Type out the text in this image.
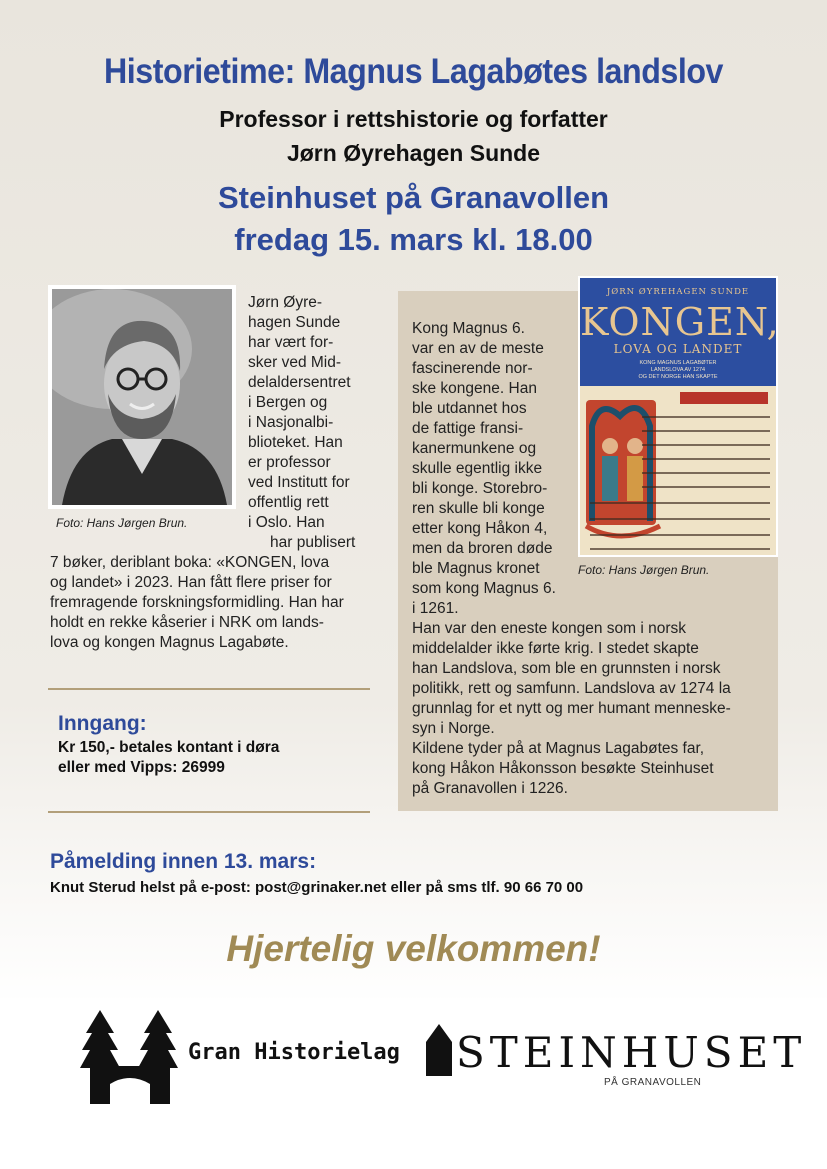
Historietime: Magnus Lagabøtes landslov
Professor i rettshistorie og forfatter
Jørn Øyrehagen Sunde
Steinhuset på Granavollen
fredag 15. mars kl. 18.00
Foto: Hans Jørgen Brun.
Jørn Øyre-
hagen Sunde
har vært for-
sker ved Mid-
delaldersentret
i Bergen og
i Nasjonalbi-
blioteket. Han
er professor
ved Institutt for
offentlig rett
i Oslo. Han
har publisert
7 bøker, deriblant boka: «KONGEN, lova
og landet» i 2023. Han fått flere priser for
fremragende forskningsformidling. Han har
holdt en rekke kåserier i NRK om lands-
lova og kongen Magnus Lagabøte.
Inngang:
Kr 150,- betales kontant i døra
eller med Vipps: 26999
JØRN ØYREHAGEN SUNDE
KONGEN,
LOVA OG LANDET
KONG MAGNUS LAGABØTER
LANDSLOVA AV 1274
OG DET NORGE HAN SKAPTE
Foto: Hans Jørgen Brun.
Kong Magnus 6.
var en av de meste
fascinerende nor-
ske kongene. Han
ble utdannet hos
de fattige fransi-
kanermunkene og
skulle egentlig ikke
bli konge. Storebro-
ren skulle bli konge
etter kong Håkon 4,
men da broren døde
ble Magnus kronet
som kong Magnus 6.
i 1261.
Han var den eneste kongen som i norsk
middelalder ikke førte krig. I stedet skapte
han Landslova, som ble en grunnsten i norsk
politikk, rett og samfunn. Landslova av 1274 la
grunnlag for et nytt og mer humant menneske-
syn i Norge.
Kildene tyder på at Magnus Lagabøtes far,
kong Håkon Håkonsson besøkte Steinhuset
på Granavollen i 1226.
Påmelding innen 13. mars:
Knut Sterud helst på e-post: post@grinaker.net eller på sms tlf. 90 66 70 00
Hjertelig velkommen!
Gran Historielag STEINHUSET
PÅ GRANAVOLLEN
